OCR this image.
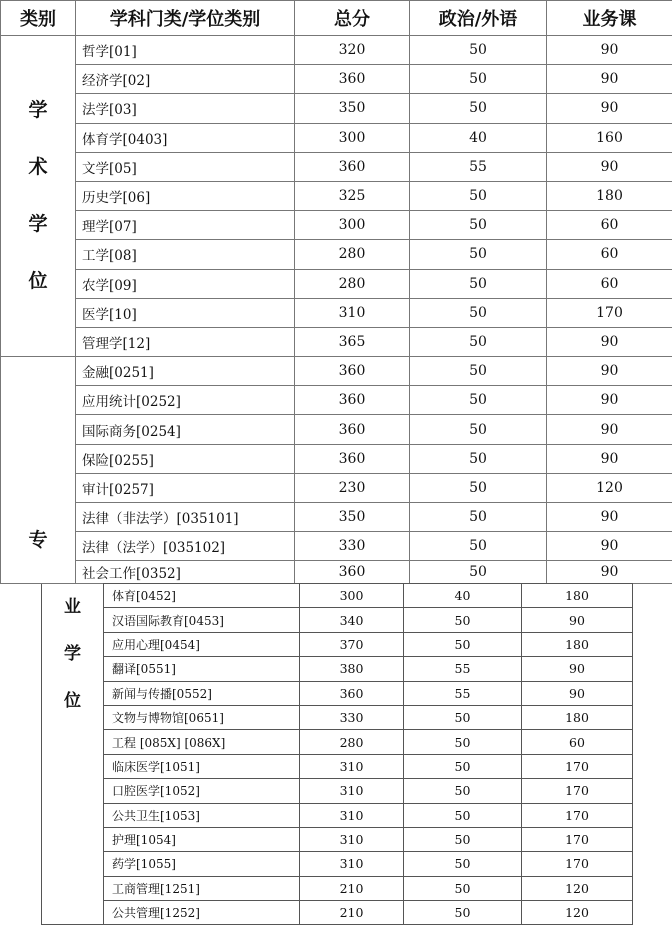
类别	学科门类/学位类别	总分	政治/外语	业务课

学
术
学
位	哲学[01]	320	50	90
	经济学[02]	360	50	90
	法学[03]	350	50	90
	体育学[0403]	300	40	160
	文学[05]	360	55	90
	历史学[06]	325	50	180
	理学[07]	300	50	60
	工学[08]	280	50	60
	农学[09]	280	50	60
	医学[10]	310	50	170
	管理学[12]	365	50	90
专	金融[0251]	360	50	90
	应用统计[0252]	360	50	90
	国际商务[0254]	360	50	90
	保险[0255]	360	50	90
	审计[0257]	230	50	120
	法律（非法学）[035101]	350	50	90
	法律（法学）[035102]	330	50	90
	社会工作[0352]	360	50	90
业
学
位	体育[0452]	300	40	180
	汉语国际教育[0453]	340	50	90
	应用心理[0454]	370	50	180
	翻译[0551]	380	55	90
	新闻与传播[0552]	360	55	90
	文物与博物馆[0651]	330	50	180
	工程 [085X] [086X]	280	50	60
	临床医学[1051]	310	50	170
	口腔医学[1052]	310	50	170
	公共卫生[1053]	310	50	170
	护理[1054]	310	50	170
	药学[1055]	310	50	170
	工商管理[1251]	210	50	120
	公共管理[1252]	210	50	120
